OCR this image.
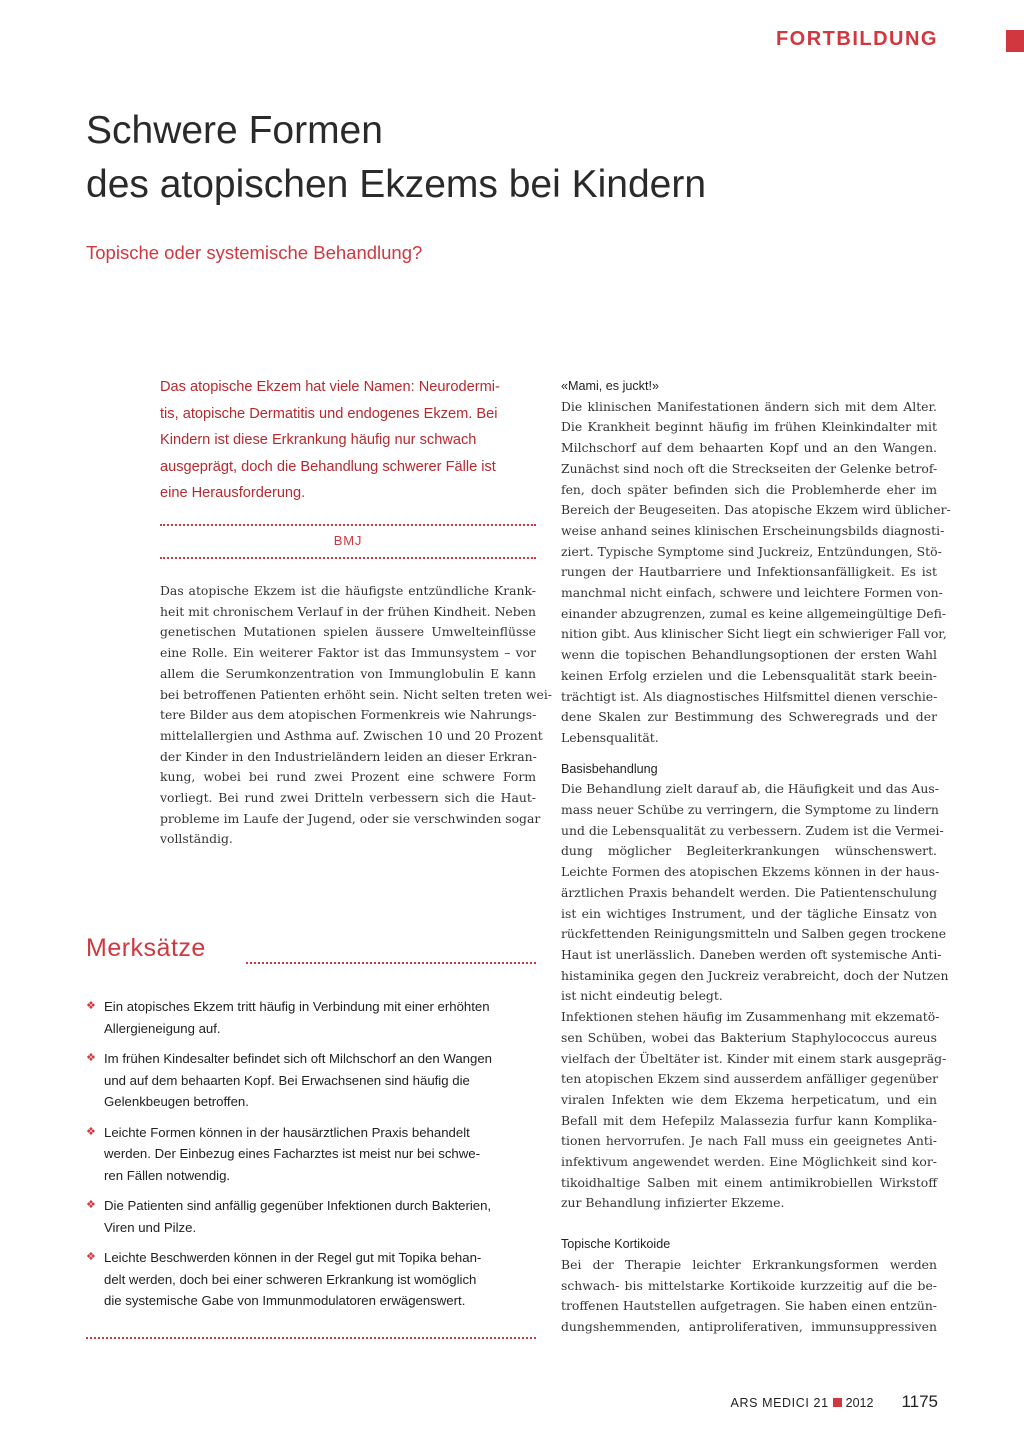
FORTBILDUNG
Schwere Formen
des atopischen Ekzems bei Kindern
Topische oder systemische Behandlung?
Das atopische Ekzem hat viele Namen: Neurodermi-
tis, atopische Dermatitis und endogenes Ekzem. Bei
Kindern ist diese Erkrankung häufig nur schwach
ausgeprägt, doch die Behandlung schwerer Fälle ist
eine Herausforderung.
BMJ
Das atopische Ekzem ist die häufigste entzündliche Krank-
heit mit chronischem Verlauf in der frühen Kindheit. Neben
genetischen Mutationen spielen äussere Umwelteinflüsse
eine Rolle. Ein weiterer Faktor ist das Immunsystem – vor
allem die Serumkonzentration von Immunglobulin E kann
bei betroffenen Patienten erhöht sein. Nicht selten treten wei-
tere Bilder aus dem atopischen Formenkreis wie Nahrungs-
mittelallergien und Asthma auf. Zwischen 10 und 20 Prozent
der Kinder in den Industrieländern leiden an dieser Erkran-
kung, wobei bei rund zwei Prozent eine schwere Form
vorliegt. Bei rund zwei Dritteln verbessern sich die Haut-
probleme im Laufe der Jugend, oder sie verschwinden sogar
vollständig.
Merksätze
❖ Ein atopisches Ekzem tritt häufig in Verbindung mit einer erhöhten
Allergieneigung auf.
❖ Im frühen Kindesalter befindet sich oft Milchschorf an den Wangen
und auf dem behaarten Kopf. Bei Erwachsenen sind häufig die
Gelenkbeugen betroffen.
❖ Leichte Formen können in der hausärztlichen Praxis behandelt
werden. Der Einbezug eines Facharztes ist meist nur bei schwe-
ren Fällen notwendig.
❖ Die Patienten sind anfällig gegenüber Infektionen durch Bakterien,
Viren und Pilze.
❖ Leichte Beschwerden können in der Regel gut mit Topika behan-
delt werden, doch bei einer schweren Erkrankung ist womöglich
die systemische Gabe von Immunmodulatoren erwägenswert.
«Mami, es juckt!»
Die klinischen Manifestationen ändern sich mit dem Alter.
Die Krankheit beginnt häufig im frühen Kleinkindalter mit
Milchschorf auf dem behaarten Kopf und an den Wangen.
Zunächst sind noch oft die Streckseiten der Gelenke betrof-
fen, doch später befinden sich die Problemherde eher im
Bereich der Beugeseiten. Das atopische Ekzem wird üblicher-
weise anhand seines klinischen Erscheinungsbilds diagnosti-
ziert. Typische Symptome sind Juckreiz, Entzündungen, Stö-
rungen der Hautbarriere und Infektionsanfälligkeit. Es ist
manchmal nicht einfach, schwere und leichtere Formen von-
einander abzugrenzen, zumal es keine allgemeingültige Defi-
nition gibt. Aus klinischer Sicht liegt ein schwieriger Fall vor,
wenn die topischen Behandlungsoptionen der ersten Wahl
keinen Erfolg erzielen und die Lebensqualität stark beein-
trächtigt ist. Als diagnostisches Hilfsmittel dienen verschie-
dene Skalen zur Bestimmung des Schweregrads und der
Lebensqualität.
Basisbehandlung
Die Behandlung zielt darauf ab, die Häufigkeit und das Aus-
mass neuer Schübe zu verringern, die Symptome zu lindern
und die Lebensqualität zu verbessern. Zudem ist die Vermei-
dung möglicher Begleiterkrankungen wünschenswert.
Leichte Formen des atopischen Ekzems können in der haus-
ärztlichen Praxis behandelt werden. Die Patientenschulung
ist ein wichtiges Instrument, und der tägliche Einsatz von
rückfettenden Reinigungsmitteln und Salben gegen trockene
Haut ist unerlässlich. Daneben werden oft systemische Anti-
histaminika gegen den Juckreiz verabreicht, doch der Nutzen
ist nicht eindeutig belegt.
Infektionen stehen häufig im Zusammenhang mit ekzematö-
sen Schüben, wobei das Bakterium Staphylococcus aureus
vielfach der Übeltäter ist. Kinder mit einem stark ausgepräg-
ten atopischen Ekzem sind ausserdem anfälliger gegenüber
viralen Infekten wie dem Ekzema herpeticatum, und ein
Befall mit dem Hefepilz Malassezia furfur kann Komplika-
tionen hervorrufen. Je nach Fall muss ein geeignetes Anti-
infektivum angewendet werden. Eine Möglichkeit sind kor-
tikoidhaltige Salben mit einem antimikrobiellen Wirkstoff
zur Behandlung infizierter Ekzeme.
Topische Kortikoide
Bei der Therapie leichter Erkrankungsformen werden
schwach- bis mittelstarke Kortikoide kurzzeitig auf die be-
troffenen Hautstellen aufgetragen. Sie haben einen entzün-
dungshemmenden, antiproliferativen, immunsuppressiven
ARS MEDICI 21 2012 1175
